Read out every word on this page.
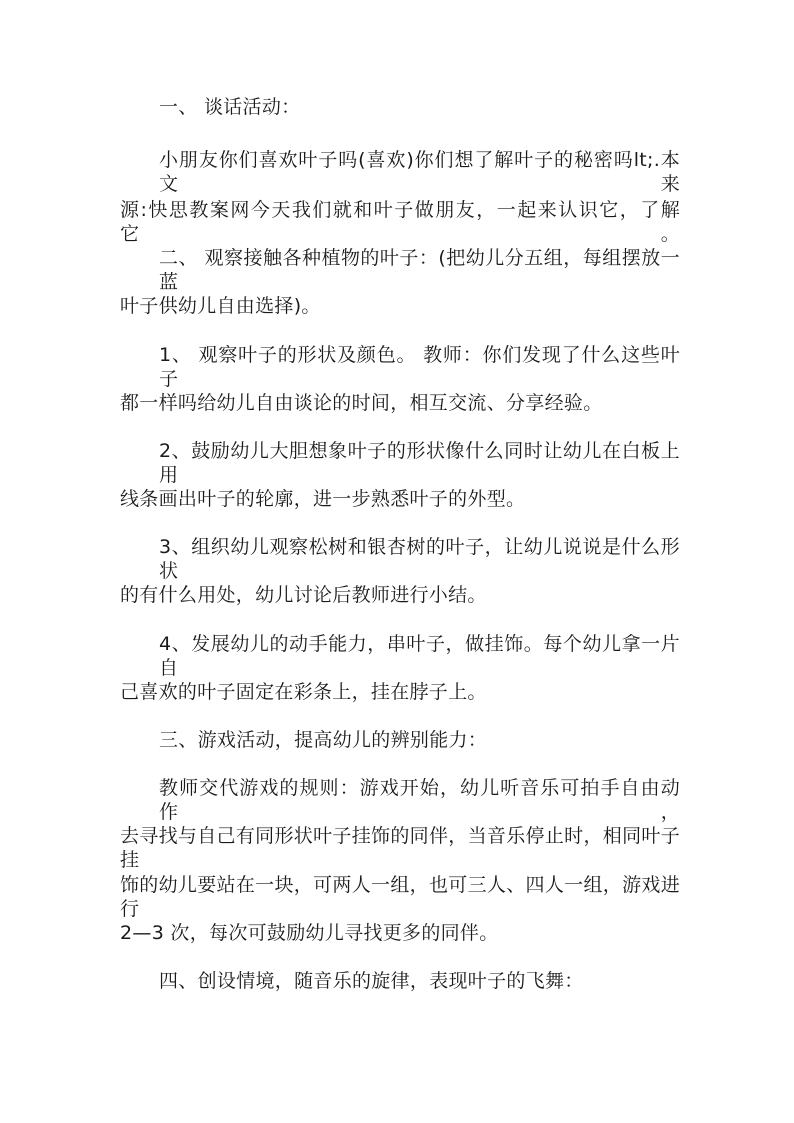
一、 谈话活动：
小朋友你们喜欢叶子吗(喜欢)你们想了解叶子的秘密吗lt;.本文来
源:快思教案网今天我们就和叶子做朋友，一起来认识它，了解它。
二、 观察接触各种植物的叶子：(把幼儿分五组，每组摆放一蓝
叶子供幼儿自由选择)。
1、 观察叶子的形状及颜色。 教师：你们发现了什么这些叶子
都一样吗给幼儿自由谈论的时间，相互交流、分享经验。
2、鼓励幼儿大胆想象叶子的形状像什么同时让幼儿在白板上用
线条画出叶子的轮廓，进一步熟悉叶子的外型。
3、组织幼儿观察松树和银杏树的叶子，让幼儿说说是什么形状
的有什么用处，幼儿讨论后教师进行小结。
4、发展幼儿的动手能力，串叶子，做挂饰。每个幼儿拿一片自
己喜欢的叶子固定在彩条上，挂在脖子上。
三、游戏活动，提高幼儿的辨别能力：
教师交代游戏的规则：游戏开始，幼儿听音乐可拍手自由动作，
去寻找与自己有同形状叶子挂饰的同伴，当音乐停止时，相同叶子挂
饰的幼儿要站在一块，可两人一组，也可三人、四人一组，游戏进行
2—3 次，每次可鼓励幼儿寻找更多的同伴。
四、创设情境，随音乐的旋律，表现叶子的飞舞：
